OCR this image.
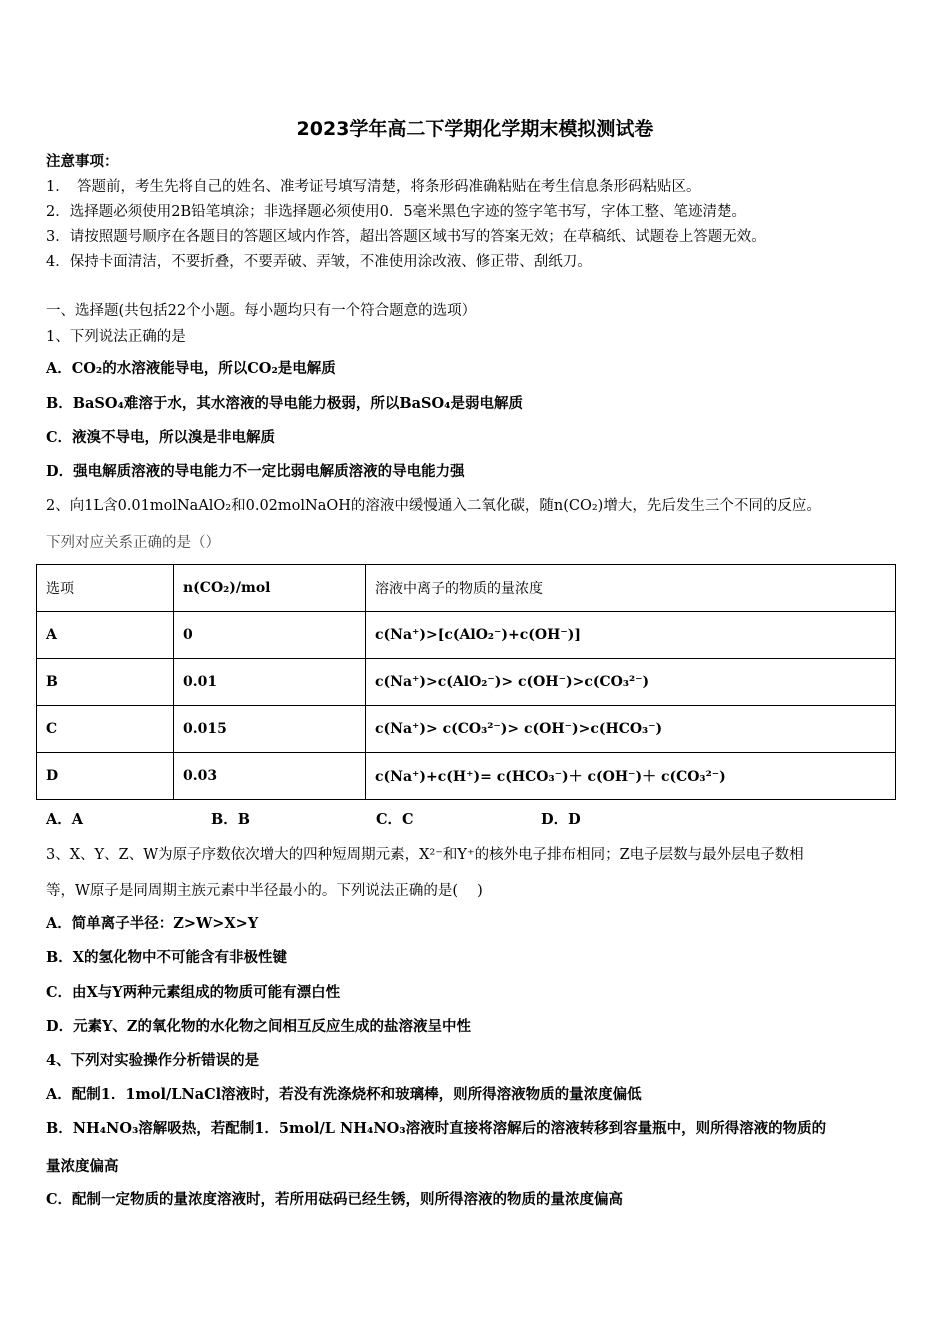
2023学年高二下学期化学期末模拟测试卷
注意事项：
1．　答题前，考生先将自己的姓名、准考证号填写清楚，将条形码准确粘贴在考生信息条形码粘贴区。
2．选择题必须使用2B铅笔填涂；非选择题必须使用0．5毫米黑色字迹的签字笔书写，字体工整、笔迹清楚。
3．请按照题号顺序在各题目的答题区域内作答，超出答题区域书写的答案无效；在草稿纸、试题卷上答题无效。
4．保持卡面清洁，不要折叠，不要弄破、弄皱，不准使用涂改液、修正带、刮纸刀。
一、选择题(共包括22个小题。每小题均只有一个符合题意的选项）
1、下列说法正确的是
A．CO₂的水溶液能导电，所以CO₂是电解质
B．BaSO₄难溶于水，其水溶液的导电能力极弱，所以BaSO₄是弱电解质
C．液溴不导电，所以溴是非电解质
D．强电解质溶液的导电能力不一定比弱电解质溶液的导电能力强
2、向1L含0.01molNaAlO₂和0.02molNaOH的溶液中缓慢通入二氧化碳，随n(CO₂)增大，先后发生三个不同的反应。
下列对应关系正确的是（）
选项	n(CO₂)/mol	溶液中离子的物质的量浓度
A	0	c(Na⁺)>[c(AlO₂⁻)+c(OH⁻)]
B	0.01	c(Na⁺)>c(AlO₂⁻)> c(OH⁻)>c(CO₃²⁻)
C	0.015	c(Na⁺)> c(CO₃²⁻)> c(OH⁻)>c(HCO₃⁻)
D	0.03	c(Na⁺)+c(H⁺)= c(HCO₃⁻)＋ c(OH⁻)＋ c(CO₃²⁻)
A．A	B．B	C．C	D．D
3、X、Y、Z、W为原子序数依次增大的四种短周期元素，X²⁻和Y⁺的核外电子排布相同；Z电子层数与最外层电子数相
等，W原子是同周期主族元素中半径最小的。下列说法正确的是(　 )
A．简单离子半径：Z>W>X>Y
B．X的氢化物中不可能含有非极性键
C．由X与Y两种元素组成的物质可能有漂白性
D．元素Y、Z的氧化物的水化物之间相互反应生成的盐溶液呈中性
4、下列对实验操作分析错误的是
A．配制1．1mol/LNaCl溶液时，若没有洗涤烧杯和玻璃棒，则所得溶液物质的量浓度偏低
B．NH₄NO₃溶解吸热，若配制1．5mol/L NH₄NO₃溶液时直接将溶解后的溶液转移到容量瓶中，则所得溶液的物质的
量浓度偏高
C．配制一定物质的量浓度溶液时，若所用砝码已经生锈，则所得溶液的物质的量浓度偏高
